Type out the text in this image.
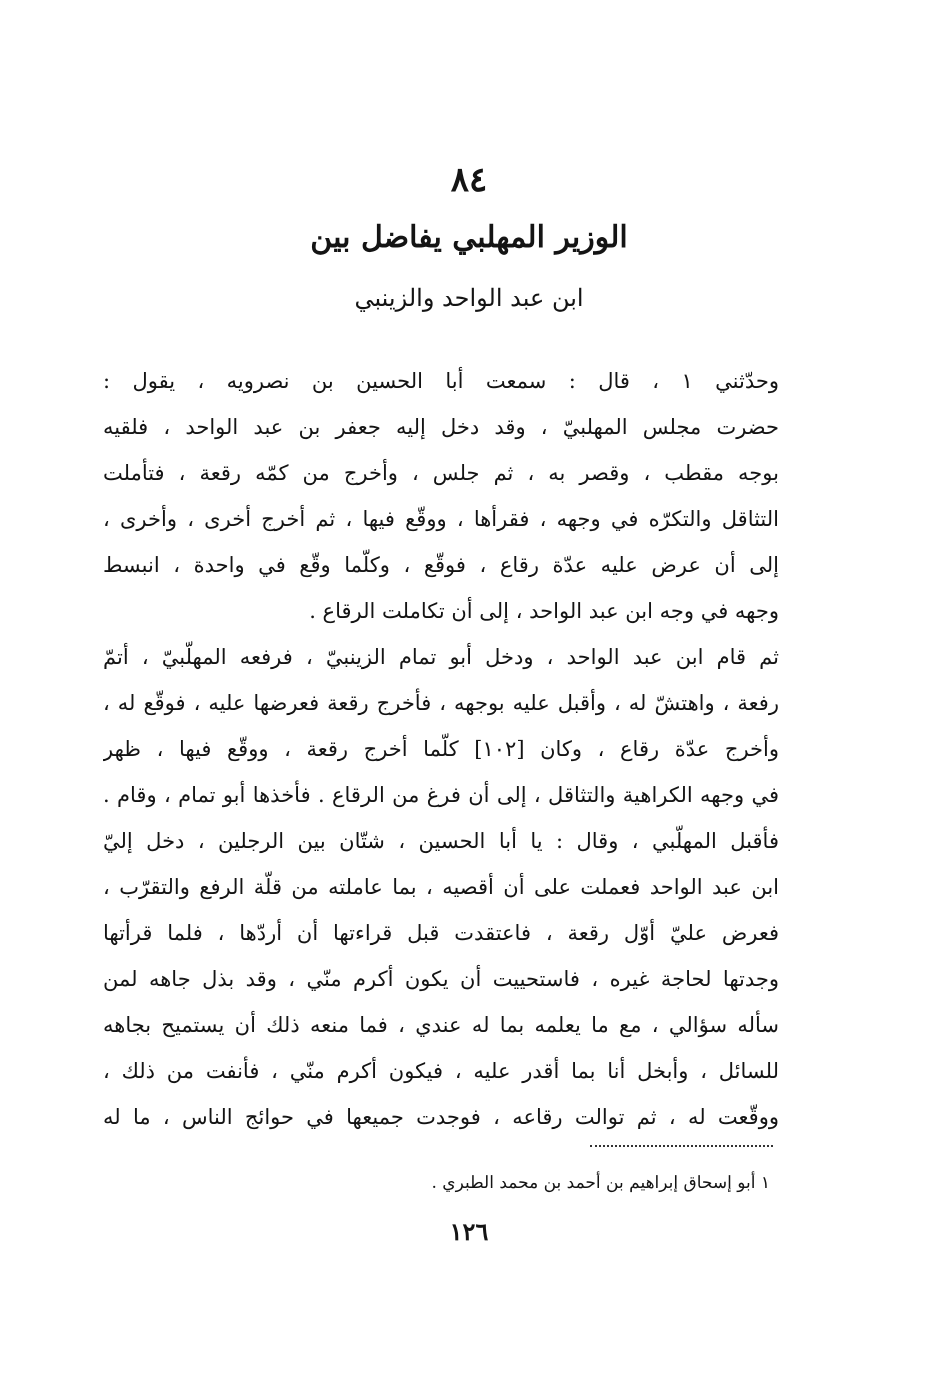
٨٤
الوزير المهلبي يفاضل بين
ابن عبد الواحد والزينبي
وحدّثني ١ ، قال : سمعت أبا الحسين بن نصرويه ، يقول :
حضرت مجلس المهلبيّ ، وقد دخل إليه جعفر بن عبد الواحد ، فلقيه
بوجه مقطب ، وقصر به ، ثم جلس ، وأخرج من كمّه رقعة ، فتأملت
التثاقل والتكرّه في وجهه ، فقرأها ، ووقّع فيها ، ثم أخرج أخرى ، وأخرى ،
إلى أن عرض عليه عدّة رقاع ، فوقّع ، وكلّما وقّع في واحدة ، انبسط
وجهه في وجه ابن عبد الواحد ، إلى أن تكاملت الرقاع .
ثم قام ابن عبد الواحد ، ودخل أبو تمام الزينبيّ ، فرفعه المهلّبيّ ، أتمّ
رفعة ، واهتشّ له ، وأقبل عليه بوجهه ، فأخرج رقعة فعرضها عليه ، فوقّع له ،
وأخرج عدّة رقاع ، وكان [١٠٢] كلّما أخرج رقعة ، ووقّع فيها ، ظهر
في وجهه الكراهية والتثاقل ، إلى أن فرغ من الرقاع . فأخذها أبو تمام ، وقام .
فأقبل المهلّبي ، وقال : يا أبا الحسين ، شتّان بين الرجلين ، دخل إليّ
ابن عبد الواحد فعملت على أن أقصيه ، بما عاملته من قلّة الرفع والتقرّب ،
فعرض عليّ أوّل رقعة ، فاعتقدت قبل قراءتها أن أردّها ، فلما قرأتها
وجدتها لحاجة غيره ، فاستحييت أن يكون أكرم منّي ، وقد بذل جاهه لمن
سأله سؤالي ، مع ما يعلمه بما له عندي ، فما منعه ذلك أن يستميح بجاهه
للسائل ، وأبخل أنا بما أقدر عليه ، فيكون أكرم منّي ، فأنفت من ذلك ،
ووقّعت له ، ثم توالت رقاعه ، فوجدت جميعها في حوائج الناس ، ما له
١ أبو إسحاق إبراهيم بن أحمد بن محمد الطبري .
١٢٦
